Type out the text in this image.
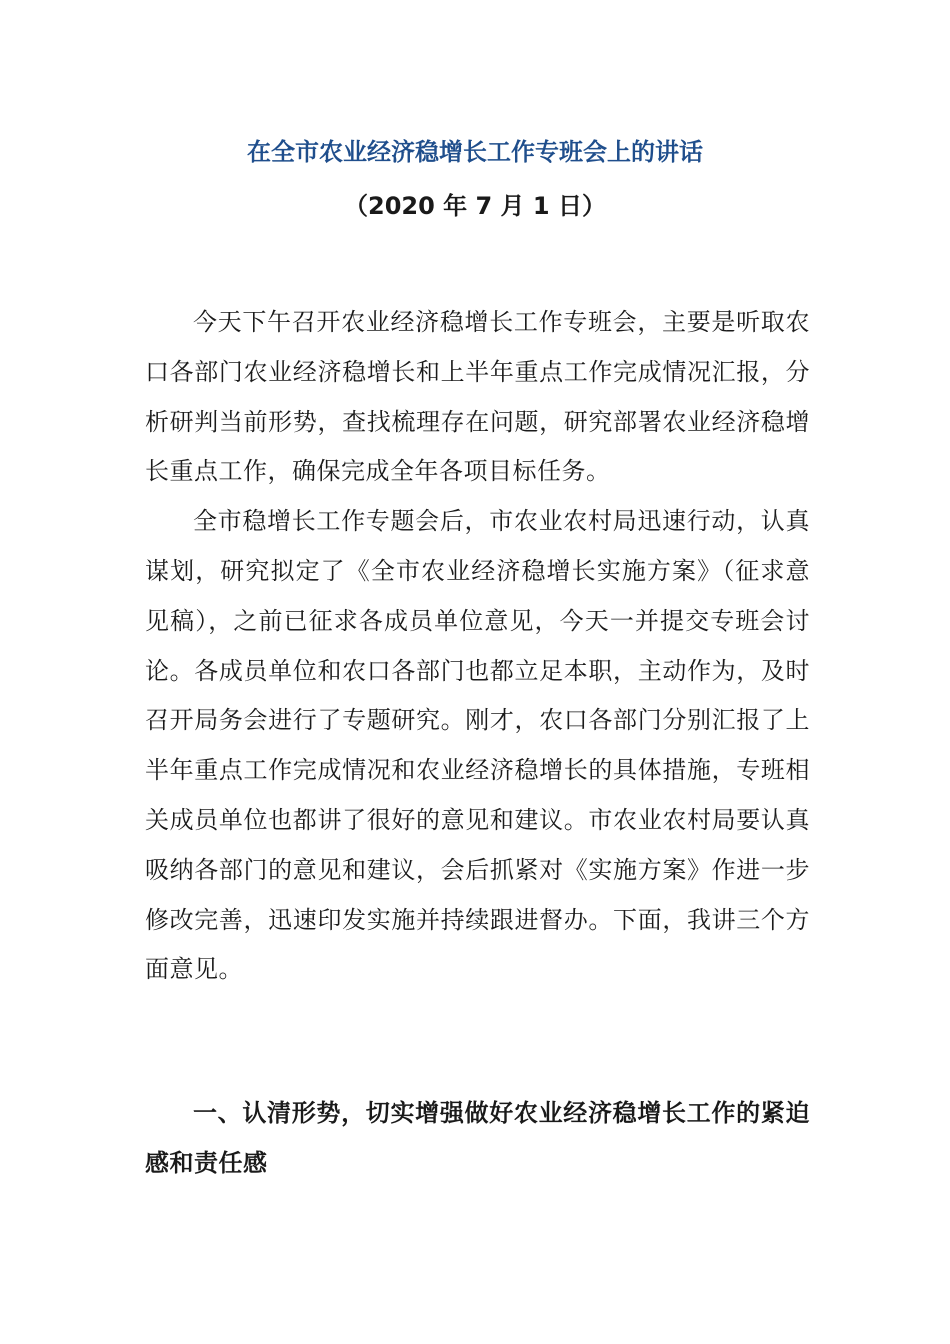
在全市农业经济稳增长工作专班会上的讲话

（2020 年 7 月 1 日）

今天下午召开农业经济稳增长工作专班会，主要是听取农口各部门农业经济稳增长和上半年重点工作完成情况汇报，分析研判当前形势，查找梳理存在问题，研究部署农业经济稳增长重点工作，确保完成全年各项目标任务。

全市稳增长工作专题会后，市农业农村局迅速行动，认真谋划，研究拟定了《全市农业经济稳增长实施方案》（征求意见稿），之前已征求各成员单位意见，今天一并提交专班会讨论。各成员单位和农口各部门也都立足本职，主动作为，及时召开局务会进行了专题研究。刚才，农口各部门分别汇报了上半年重点工作完成情况和农业经济稳增长的具体措施，专班相关成员单位也都讲了很好的意见和建议。市农业农村局要认真吸纳各部门的意见和建议，会后抓紧对《实施方案》作进一步修改完善，迅速印发实施并持续跟进督办。下面，我讲三个方面意见。

一、认清形势，切实增强做好农业经济稳增长工作的紧迫感和责任感
